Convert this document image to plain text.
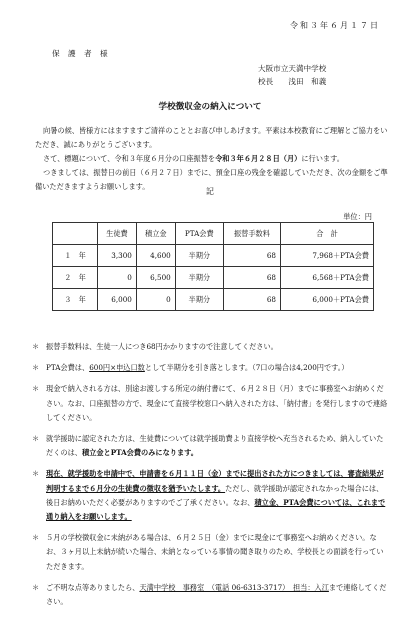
令和３年６月１７日
保 護 者 様
大阪市立天満中学校
校長　　浅田　和義
学校徴収金の納入について

向暑の候、皆様方にはますますご清祥のこととお喜び申しあげます。平素は本校教育にご理解とご協力をいただき、誠にありがとうございます。

さて、標題について、令和３年度６月分の口座振替を令和３年６月２８日（月）に行います。

つきましては、振替日の前日（６月２７日）までに、預金口座の残金を確認していただき、次の金額をご準備いただきますようお願いします。

記
単位：円
	生徒費	積立金	PTA会費	振替手数料	合　計
１　年	3,300	4,600	半期分	68	7,968＋PTA会費
２　年	0	6,500	半期分	68	6,568＋PTA会費
３　年	6,000	0	半期分	68	6,000＋PTA会費
＊ 振替手数料は、生徒一人につき68円かかりますので注意してください。
＊ PTA会費は、600円×申込口数として半期分を引き落とします。（7口の場合は4,200円です。）
＊ 現金で納入される方は、別途お渡しする所定の納付書にて、６月２８日（月）までに事務室へお納めください。なお、口座振替の方で、現金にて直接学校窓口へ納入された方は、「納付書」を発行しますので連絡してください。
＊ 就学援助に認定された方は、生徒費については就学援助費より直接学校へ充当されるため、納入していただくのは、積立金とPTA会費のみになります。
＊ 現在、就学援助を申請中で、申請書を６月１１日（金）までに提出された方につきましては、審査結果が判明するまで６月分の生徒費の徴収を猶予いたします。ただし、就学援助が認定されなかった場合には、後日お納めいただく必要がありますのでご了承ください。なお、積立金、PTA会費については、これまで通り納入をお願いします。
＊ ５月の学校徴収金に未納がある場合は、６月２５日（金）までに現金にて事務室へお納めください。なお、３ヶ月以上未納が続いた場合、未納となっている事情の聞き取りのため、学校長との面談を行っていただきます。
＊ ご不明な点等ありましたら、天満中学校　事務室　（電話 06-6313-3717）　担当：入江まで連絡してください。
